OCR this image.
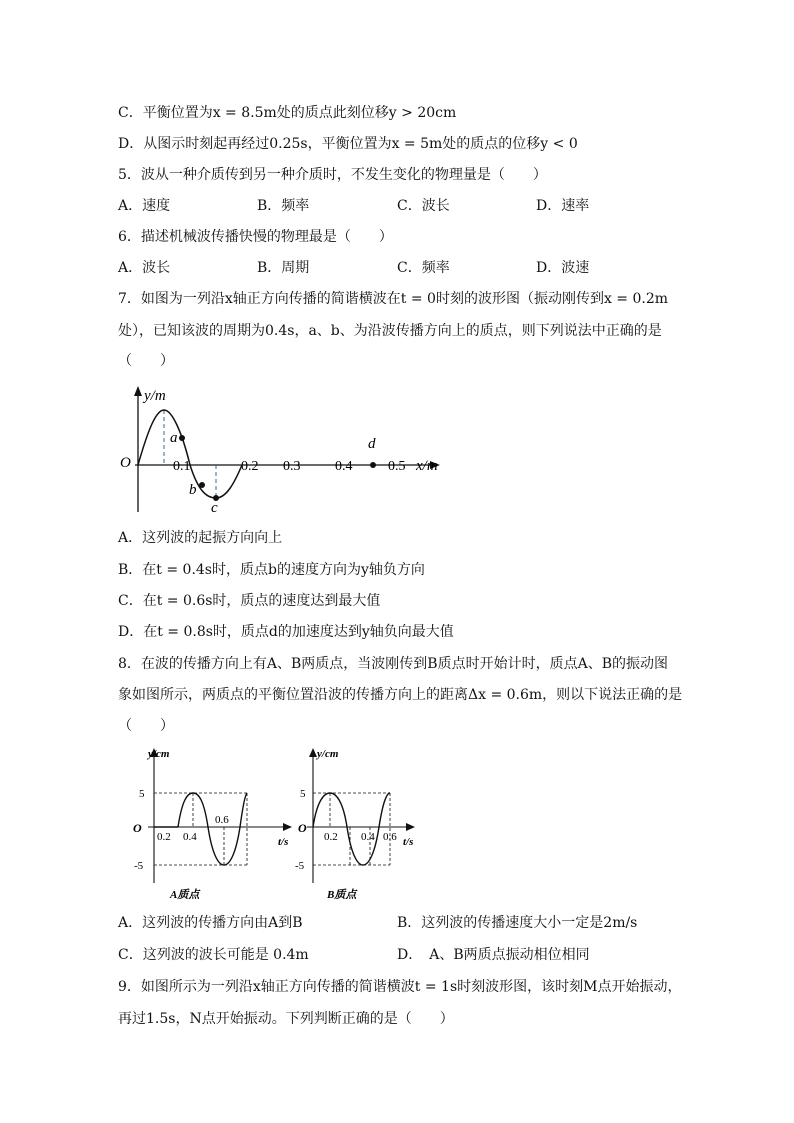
C．平衡位置为x = 8.5m处的质点此刻位移y > 20cm
D．从图示时刻起再经过0.25s，平衡位置为x = 5m处的质点的位移y < 0
5．波从一种介质传到另一种介质时，不发生变化的物理量是（　　）
A．速度	B．频率	C．波长	D．速率
6．描述机械波传播快慢的物理最是（　　）
A．波长	B．周期	C．频率	D．波速
7．如图为一列沿x轴正方向传播的简谐横波在t = 0时刻的波形图（振动刚传到x = 0.2m
处），已知该波的周期为0.4s，a、b、为沿波传播方向上的质点，则下列说法中正确的是
（　　）
y/m
x/m
O	0.1	0.2 0.3 0.4	0.5
a
b
c
d
A．这列波的起振方向向上
B．在t = 0.4s时，质点b的速度方向为y轴负方向
C．在t = 0.6s时，质点的速度达到最大值
D．在t = 0.8s时，质点d的加速度达到y轴负向最大值
8．在波的传播方向上有A、B两质点，当波刚传到B质点时开始计时，质点A、B的振动图
象如图所示，两质点的平衡位置沿波的传播方向上的距离Δx = 0.6m，则以下说法正确的是
（　　）
y/cm
t/s
O
5
-5
0.2 0.4
0.6
A质点
y/cm
t/s
O
5
-5
0.2 0.4 0.6
B质点
A．这列波的传播方向由A到B	B．这列波的传播速度大小一定是2m/s
C．这列波的波长可能是 0.4m	D．　A、B两质点振动相位相同
9．如图所示为一列沿x轴正方向传播的简谐横波t = 1s时刻波形图，该时刻M点开始振动，
再过1.5s，N点开始振动。下列判断正确的是（　　）
